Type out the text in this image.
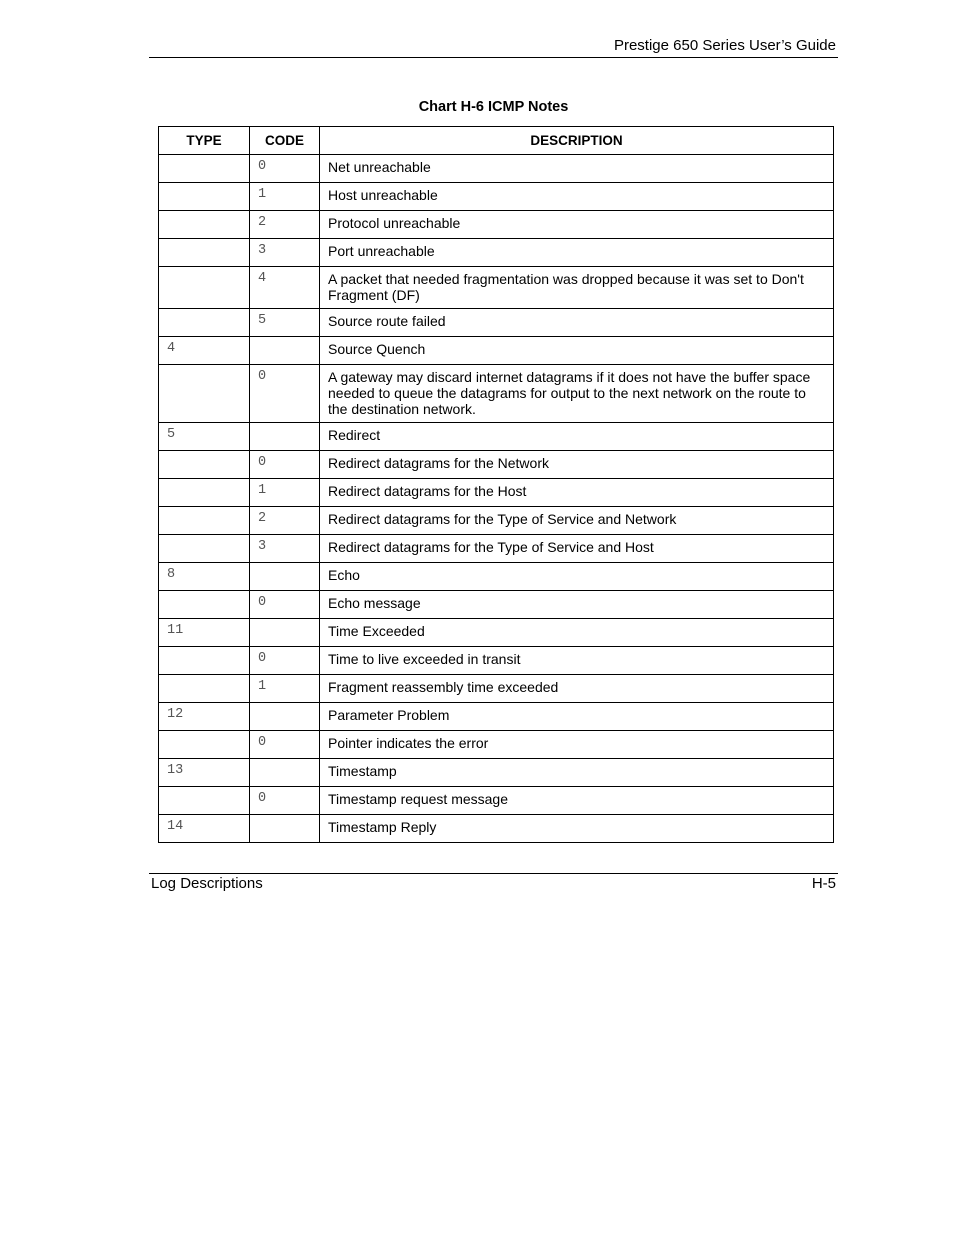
Prestige 650 Series User’s Guide
Chart H-6 ICMP Notes
TYPE	CODE	DESCRIPTION
	0	Net unreachable
	1	Host unreachable
	2	Protocol unreachable
	3	Port unreachable
	4	A packet that needed fragmentation was dropped because it was set to Don't Fragment (DF)
	5	Source route failed
4		Source Quench
	0	A gateway may discard internet datagrams if it does not have the buffer space needed to queue the datagrams for output to the next network on the route to the destination network.
5		Redirect
	0	Redirect datagrams for the Network
	1	Redirect datagrams for the Host
	2	Redirect datagrams for the Type of Service and Network
	3	Redirect datagrams for the Type of Service and Host
8		Echo
	0	Echo message
11		Time Exceeded
	0	Time to live exceeded in transit
	1	Fragment reassembly time exceeded
12		Parameter Problem
	0	Pointer indicates the error
13		Timestamp
	0	Timestamp request message
14		Timestamp Reply
Log Descriptions	H-5
